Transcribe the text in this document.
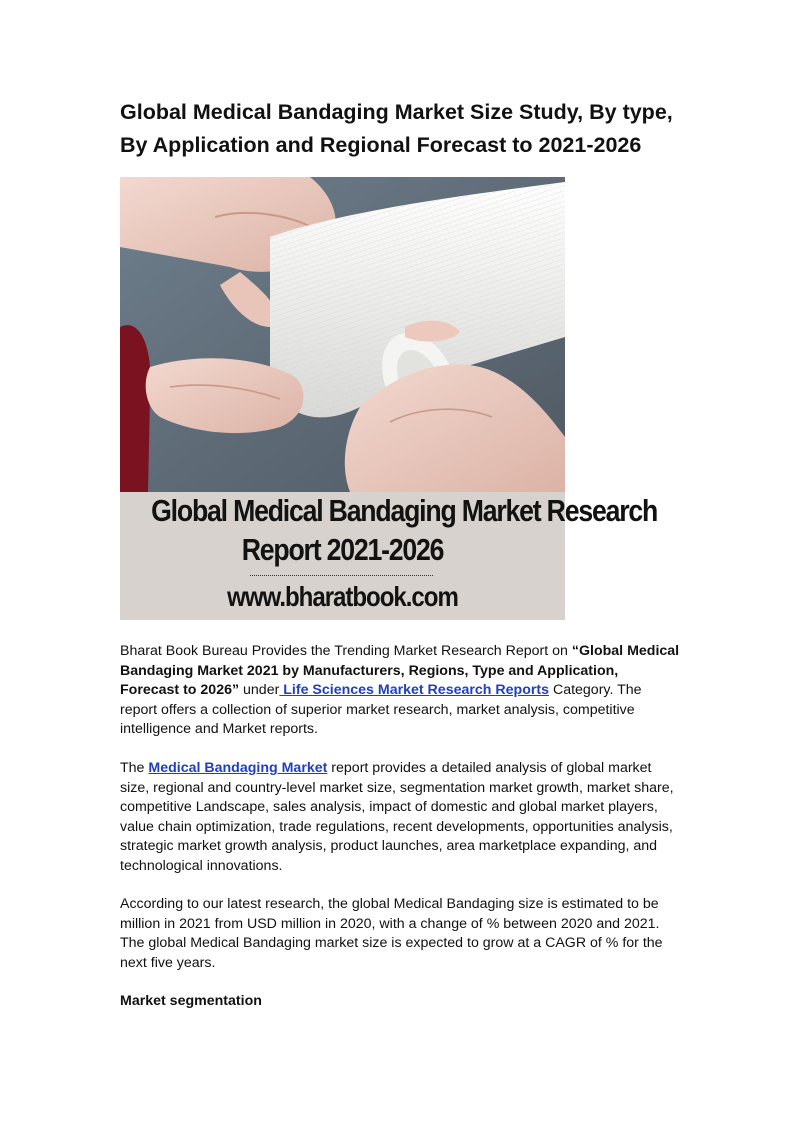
Global Medical Bandaging Market Size Study, By type,
By Application and Regional Forecast to 2021-2026
Global Medical Bandaging Market Research
Report 2021-2026
www.bharatbook.com

Bharat Book Bureau Provides the Trending Market Research Report on “Global Medical Bandaging Market 2021 by Manufacturers, Regions, Type and Application, Forecast to 2026” under Life Sciences Market Research Reports Category. The report offers a collection of superior market research, market analysis, competitive intelligence and Market reports.

The Medical Bandaging Market report provides a detailed analysis of global market size, regional and country-level market size, segmentation market growth, market share, competitive Landscape, sales analysis, impact of domestic and global market players, value chain optimization, trade regulations, recent developments, opportunities analysis, strategic market growth analysis, product launches, area marketplace expanding, and technological innovations.

According to our latest research, the global Medical Bandaging size is estimated to be million in 2021 from USD million in 2020, with a change of % between 2020 and 2021. The global Medical Bandaging market size is expected to grow at a CAGR of % for the next five years.

Market segmentation
